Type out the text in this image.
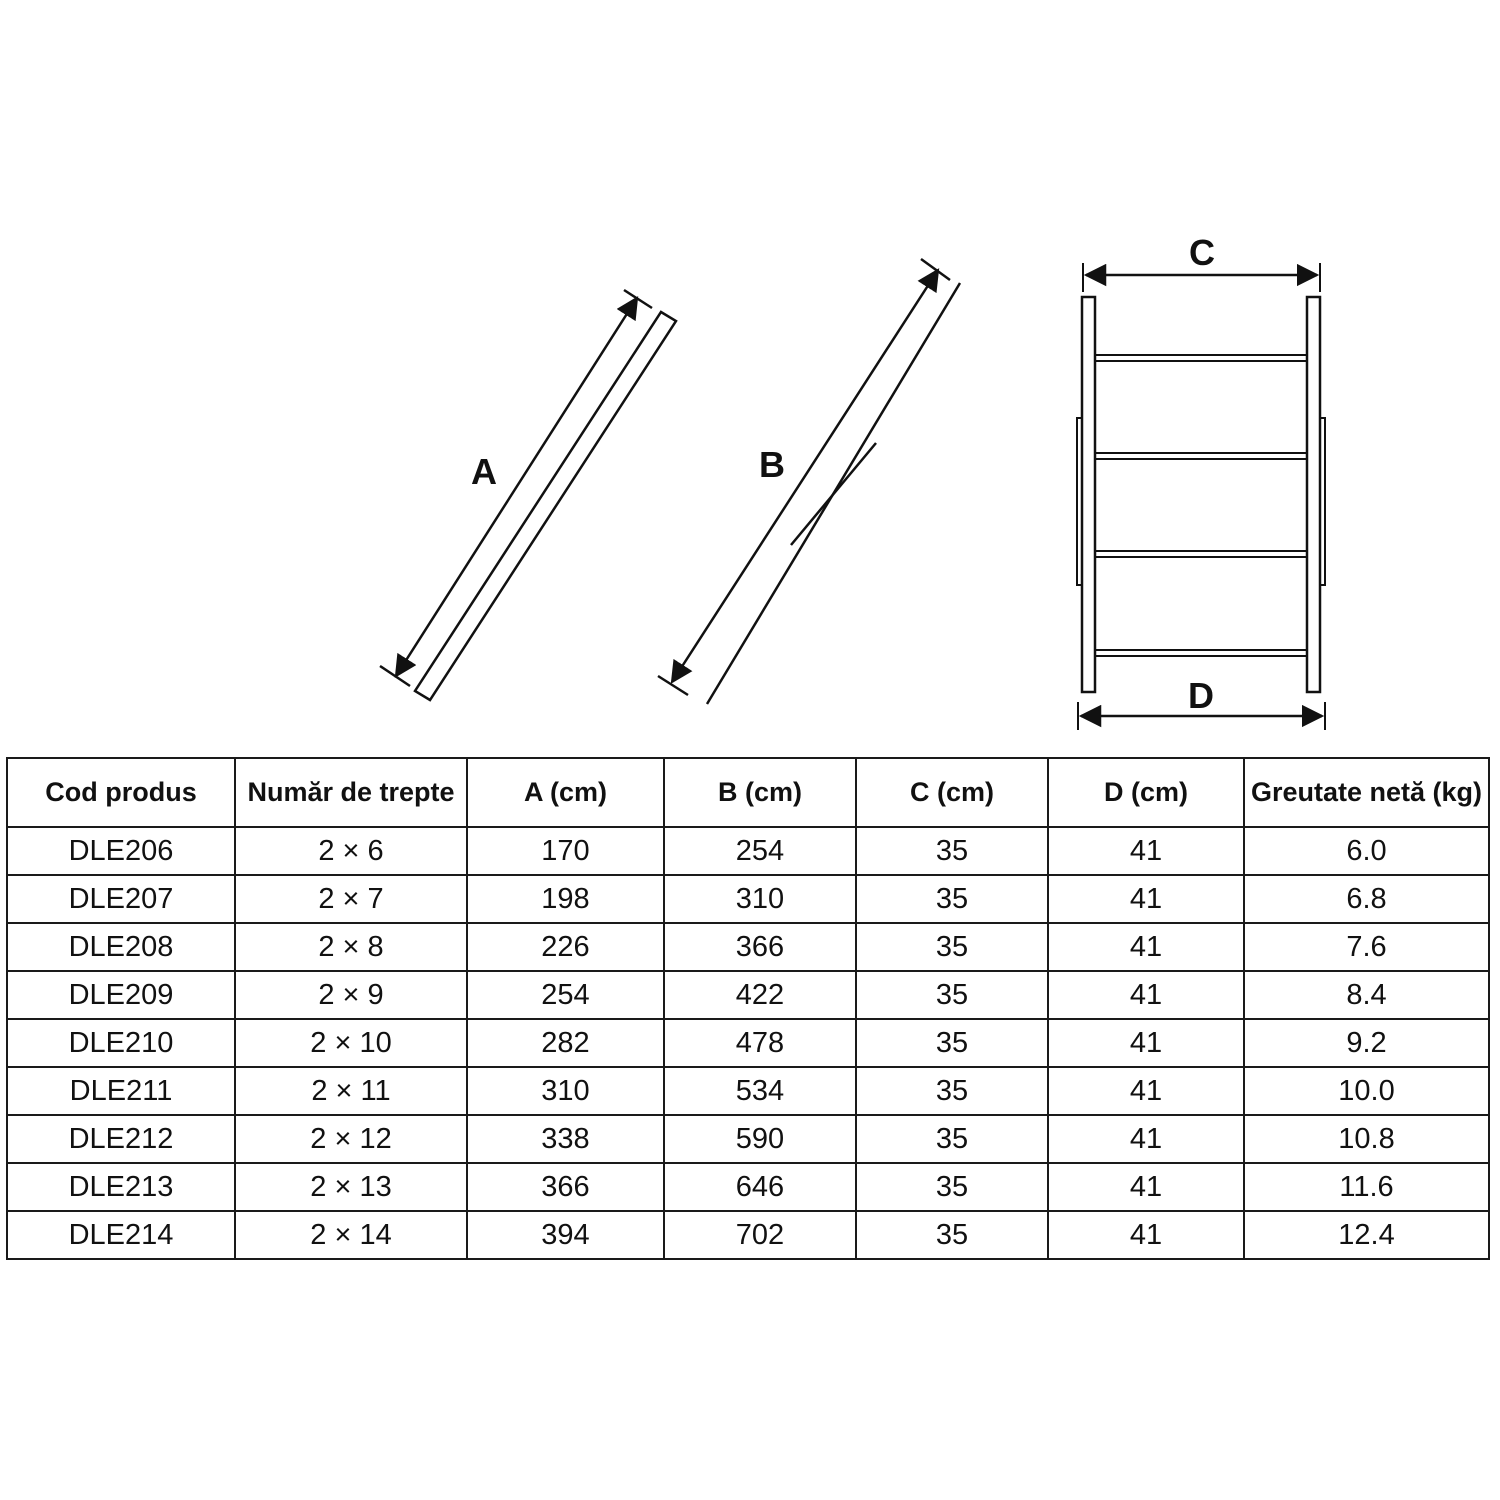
A	B
C
D
Cod produs	Număr de trepte	A (cm)	B (cm)	C (cm)	D (cm)	Greutate netă (kg)
DLE206	2 × 6	170	254	35	41	6.0
DLE207	2 × 7	198	310	35	41	6.8
DLE208	2 × 8	226	366	35	41	7.6
DLE209	2 × 9	254	422	35	41	8.4
DLE210	2 × 10	282	478	35	41	9.2
DLE211	2 × 11	310	534	35	41	10.0
DLE212	2 × 12	338	590	35	41	10.8
DLE213	2 × 13	366	646	35	41	11.6
DLE214	2 × 14	394	702	35	41	12.4
